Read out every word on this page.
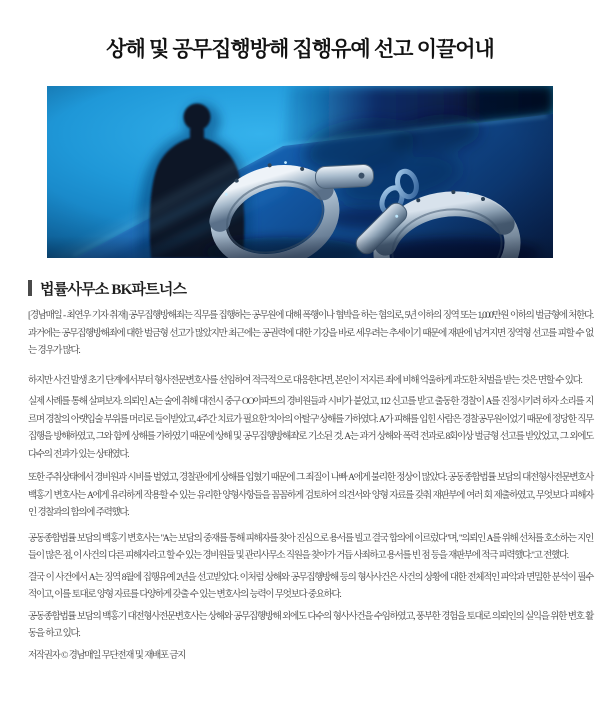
상해 및 공무집행방해 집행유예 선고 이끌어내
법률사무소 BK파트너스

[경남매일 - 최연우 기자 취재] 공무집행방해죄는 직무를 집행하는 공무원에 대해 폭행이나 협박을 하는 혐의로, 5년 이하의 징역 또는 1,000만원 이하의 벌금형에 처한다. 과거에는 공무집행방해죄에 대한 벌금형 선고가 많았지만 최근에는 공권력에 대한 기강을 바로 세우려는 추세이기 때문에 재판에 넘겨지면 징역형 선고를 피할 수 없는 경우가 많다.

하지만 사건 발생 초기 단계에서부터 형사전문변호사를 선임하여 적극적으로 대응한다면, 본인이 저지른 죄에 비해 억울하게 과도한 처벌을 받는 것은 면할 수 있다.

실제 사례를 통해 살펴보자. 의뢰인 A는 술에 취해 대전시 중구 OO아파트의 경비원들과 시비가 붙었고, 112 신고를 받고 출동한 경찰이 A를 진정시키려 하자 소리를 지르며 경찰의 아랫입술 부위를 머리로 들이받았고, 4주간 치료가 필요한 '치아의 아탈구' 상해를 가하였다. A가 피해를 입힌 사람은 경찰공무원이었기 때문에 정당한 직무집행을 방해하였고, 그와 함께 상해를 가하였기 때문에 '상해 및 공무집행방해죄'로 기소된 것. A는 과거 상해와 폭력 전과로 8회이상 벌금형 선고를 받았었고, 그 외에도 다수의 전과가 있는 상태였다.

또한 주취상태에서 경비원과 시비를 벌였고, 경찰관에게 상해를 입혔기 때문에 그 죄질이 나빠 A에게 불리한 정상이 많았다. 공동종합법률 보담의 대전형사전문변호사 백홍기 변호사는 A에게 유리하게 작용할 수 있는 유리한 양형사항들을 꼼꼼하게 검토하여 의견서와 양형 자료를 갖춰 재판부에 여러 회 제출하였고, 무엇보다 피해자인 경찰과의 합의에 주력했다.

공동종합법률 보담의 백홍기 변호사는 "A는 보담의 중재를 통해 피해자를 찾아 진심으로 용서를 빌고 결국 합의에 이르렀다"며, "의뢰인 A를 위해 선처를 호소하는 지인들이 많은 점, 이 사건의 다른 피해자라고 할 수 있는 경비원들 및 관리사무소 직원을 찾아가 거듭 사죄하고 용서를 빈 점 등을 재판부에 적극 피력했다."고 전했다.

결국 이 사건에서 A는 징역 8월에 집행유예 2년을 선고받았다. 이처럼 상해와 공무집행방해 등의 형사사건은 사건의 상황에 대한 전체적인 파악과 면밀한 분석이 필수적이고, 이를 토대로 양형 자료를 다양하게 갖출 수 있는 변호사의 능력이 무엇보다 중요하다.

공동종합법률 보담의 백홍기 대전형사전문변호사는 상해와 공무집행방해 외에도 다수의 형사사건을 수임하였고, 풍부한 경험을 토대로 의뢰인의 실익을 위한 변호 활동을 하고 있다.

저작권자 © 경남매일 무단전재 및 재배포 금지
